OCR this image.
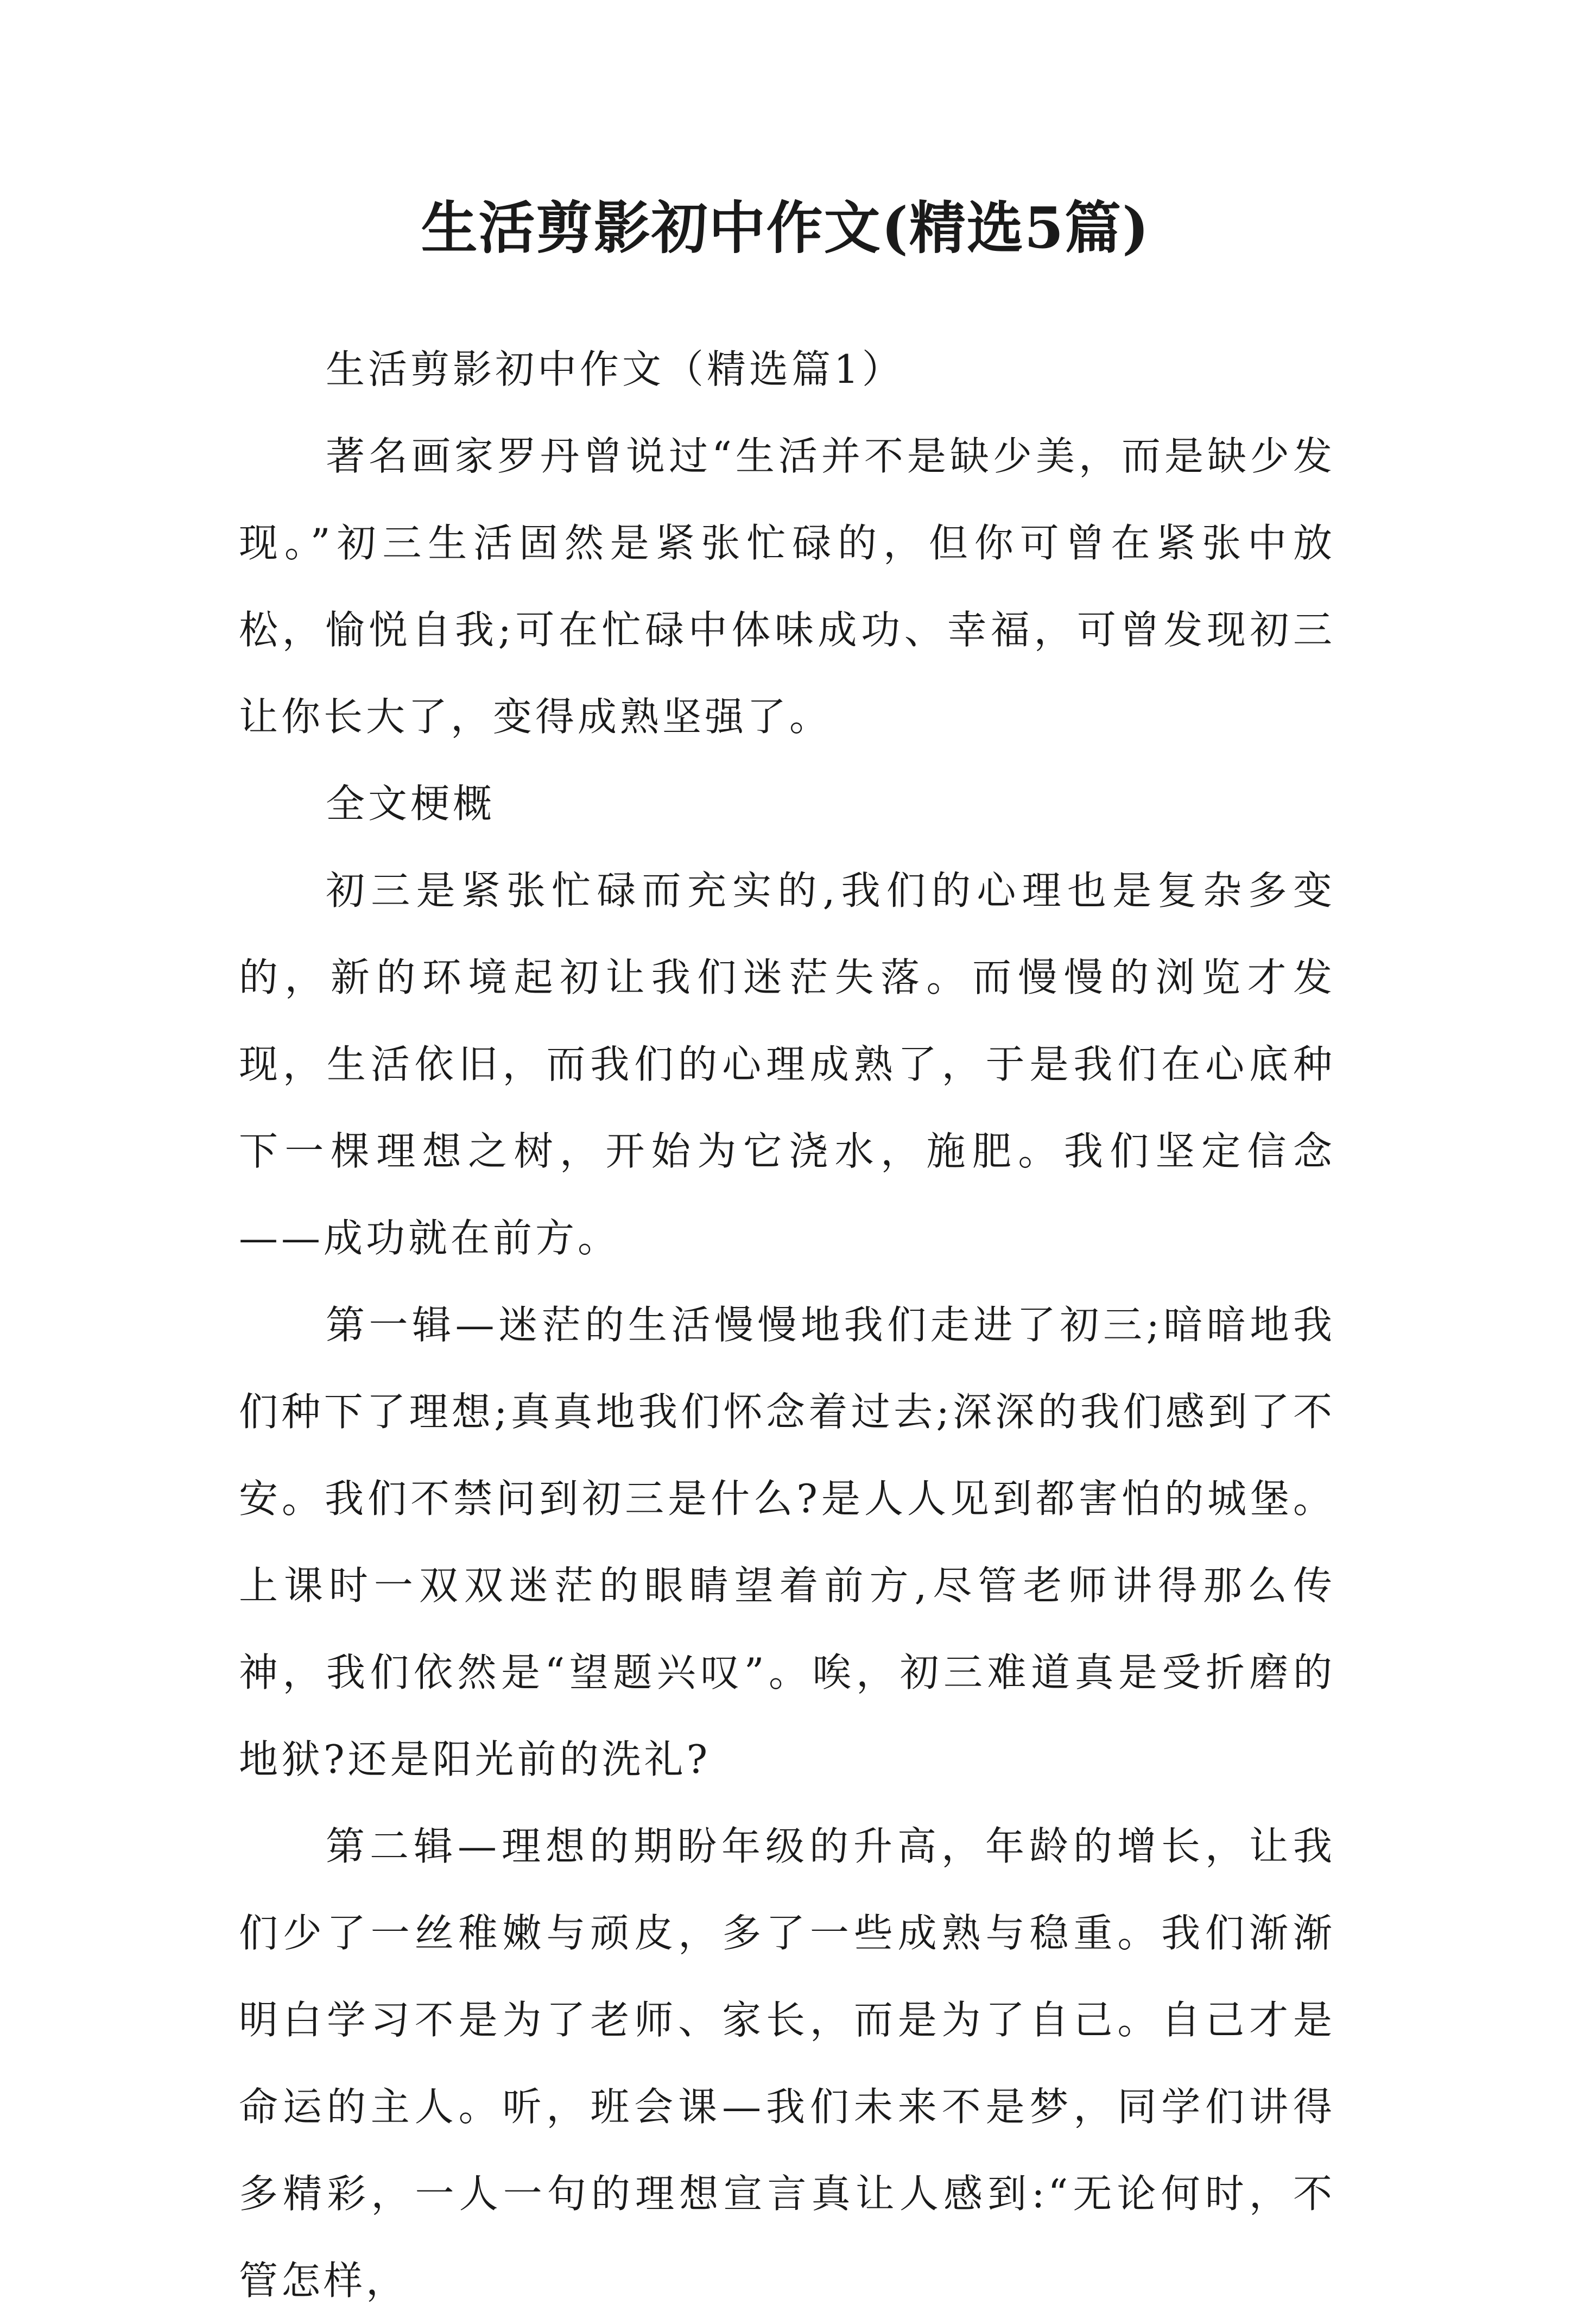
生活剪影初中作文(精选5篇)

生活剪影初中作文（精选篇1）

著名画家罗丹曾说过“生活并不是缺少美，而是缺少发现。”初三生活固然是紧张忙碌的，但你可曾在紧张中放松，愉悦自我;可在忙碌中体味成功、幸福，可曾发现初三让你长大了，变得成熟坚强了。

全文梗概

初三是紧张忙碌而充实的,我们的心理也是复杂多变的，新的环境起初让我们迷茫失落。而慢慢的浏览才发现，生活依旧，而我们的心理成熟了，于是我们在心底种下一棵理想之树，开始为它浇水，施肥。我们坚定信念——成功就在前方。

第一辑—迷茫的生活慢慢地我们走进了初三;暗暗地我们种下了理想;真真地我们怀念着过去;深深的我们感到了不安。我们不禁问到初三是什么?是人人见到都害怕的城堡。上课时一双双迷茫的眼睛望着前方,尽管老师讲得那么传神，我们依然是“望题兴叹”。唉，初三难道真是受折磨的地狱?还是阳光前的洗礼?

第二辑—理想的期盼年级的升高，年龄的增长，让我们少了一丝稚嫩与顽皮，多了一些成熟与稳重。我们渐渐明白学习不是为了老师、家长，而是为了自己。自己才是命运的主人。听，班会课—我们未来不是梦，同学们讲得多精彩，一人一句的理想宣言真让人感到:“无论何时，不管怎样，
